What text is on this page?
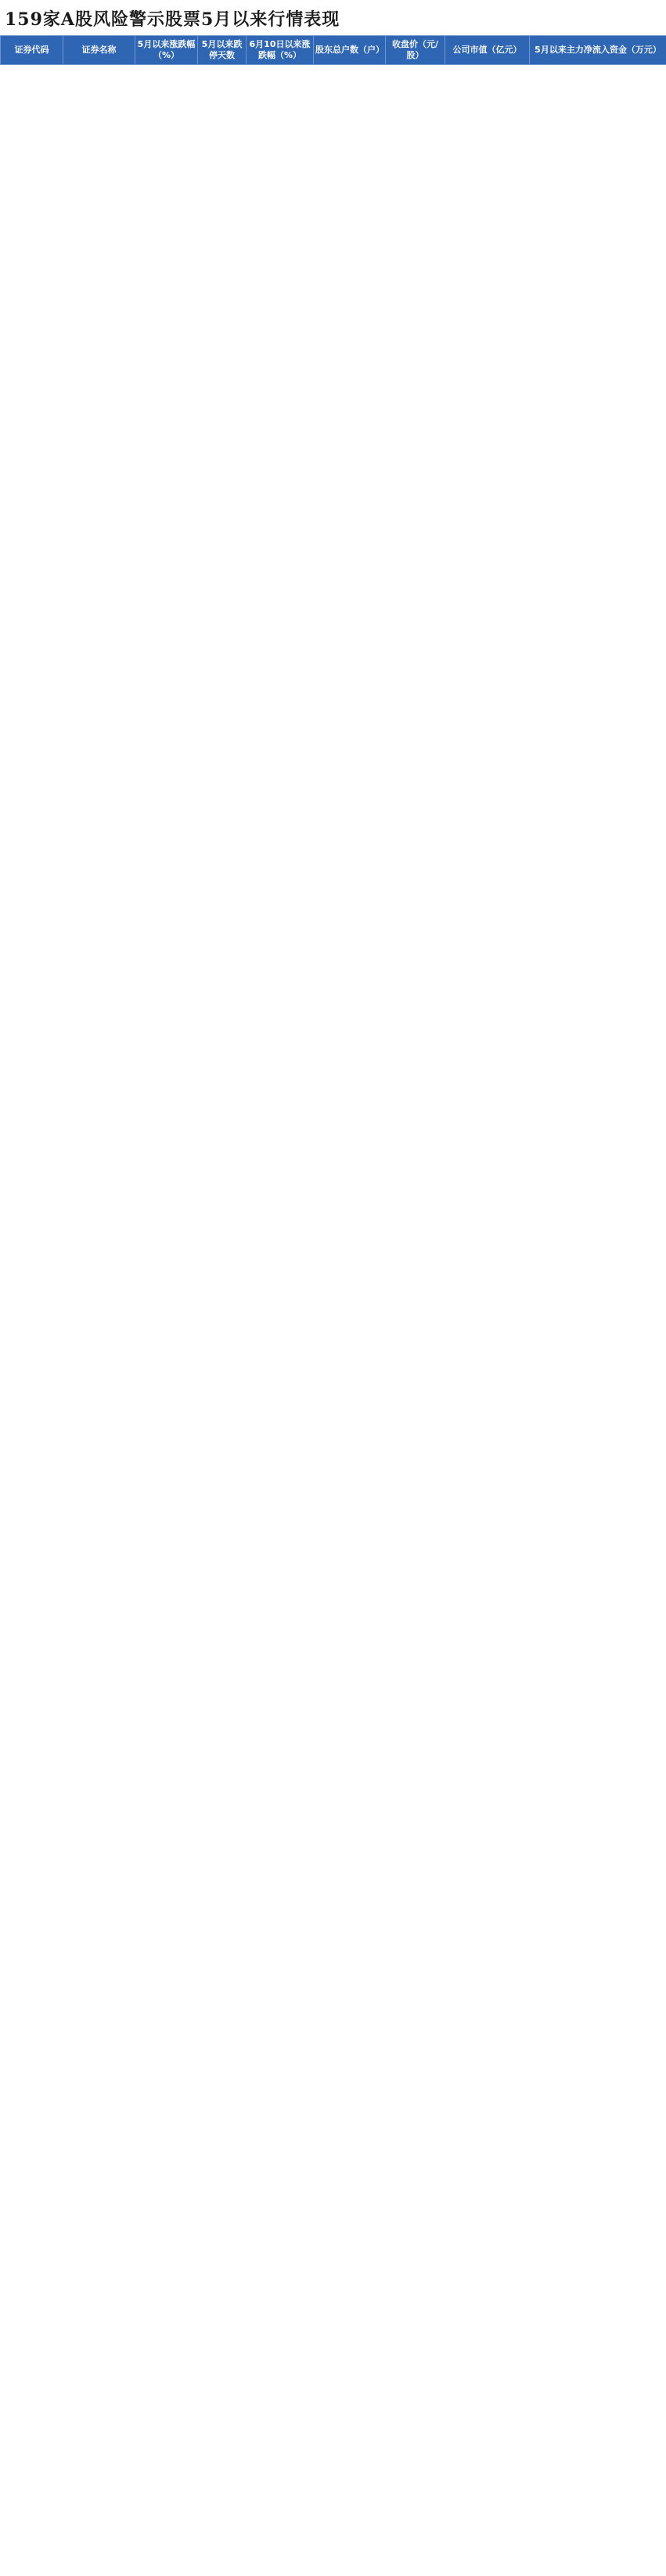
159家A股风险警示股票5月以来行情表现
证券代码	证券名称	5月以来涨跌幅（%）	5月以来跌停天数	6月10日以来涨跌幅（%）	股东总户数（户）	收盘价（元/股）	公司市值（亿元）	5月以来主力净流入资金（万元）
